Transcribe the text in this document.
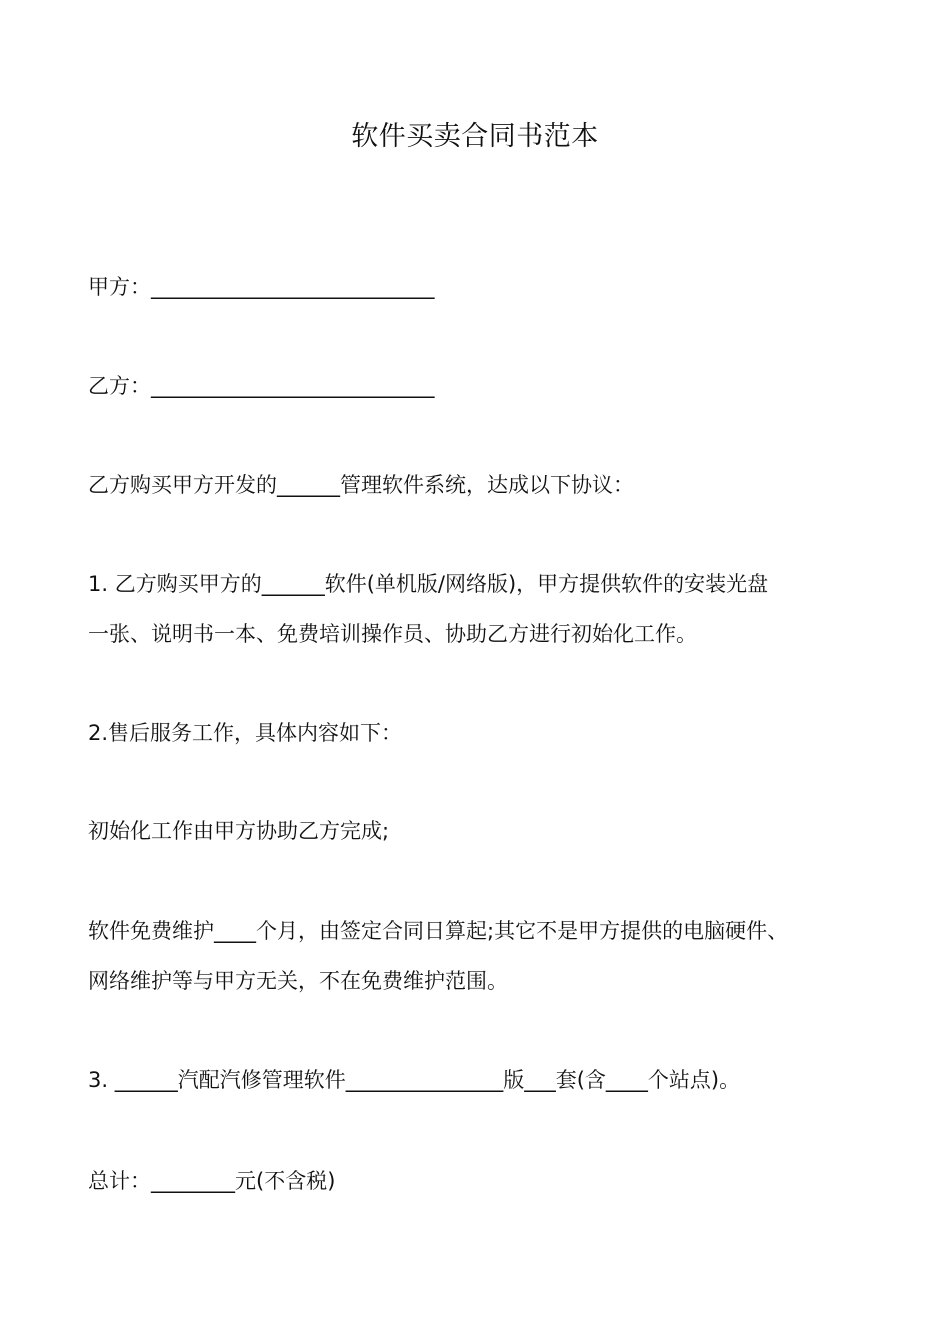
软件买卖合同书范本

甲方：___________________________

乙方：___________________________

乙方购买甲方开发的______管理软件系统，达成以下协议：

1. 乙方购买甲方的______软件(单机版/网络版)，甲方提供软件的安装光盘
一张、说明书一本、免费培训操作员、协助乙方进行初始化工作。

2.售后服务工作，具体内容如下：

初始化工作由甲方协助乙方完成;

软件免费维护____个月，由签定合同日算起;其它不是甲方提供的电脑硬件、
网络维护等与甲方无关，不在免费维护范围。

3. ______汽配汽修管理软件_______________版___套(含____个站点)。

总计：________元(不含税)
